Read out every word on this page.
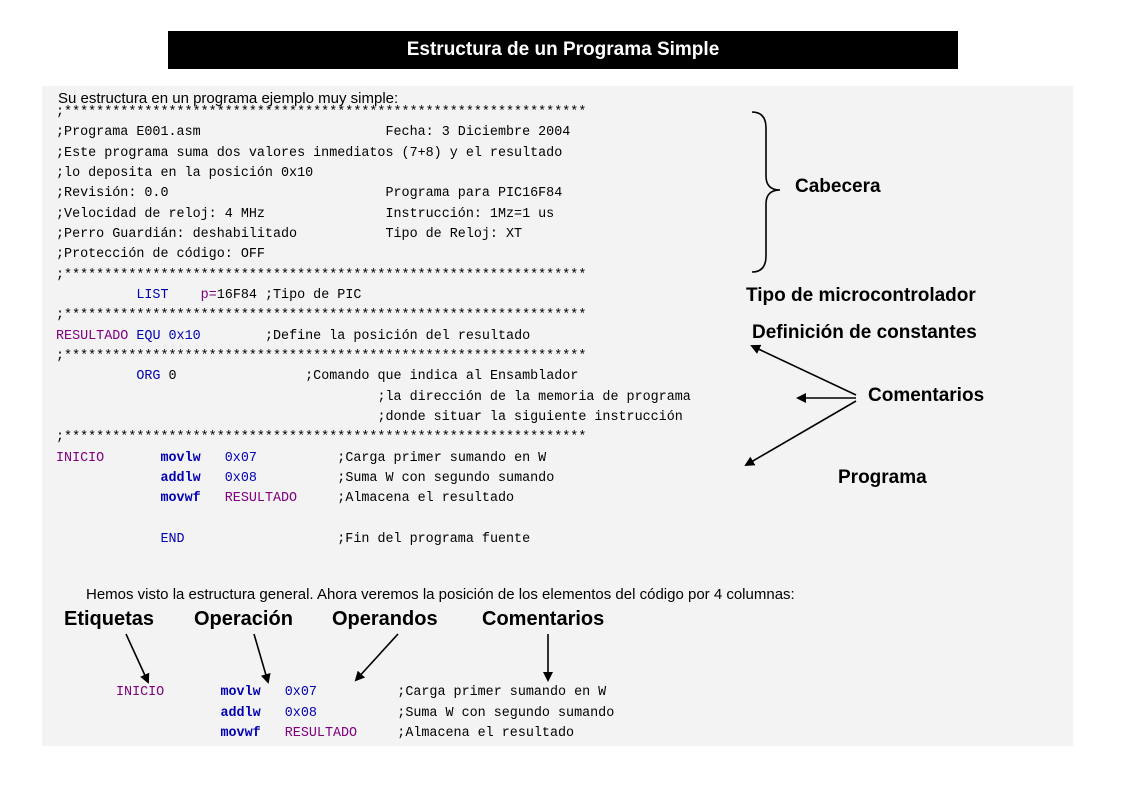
Estructura de un Programa Simple
Su estructura en un programa ejemplo muy simple:
;*****************************************************************
;Programa E001.asm                       Fecha: 3 Diciembre 2004
;Este programa suma dos valores inmediatos (7+8) y el resultado
;lo deposita en la posición 0x10
;Revisión: 0.0                           Programa para PIC16F84
;Velocidad de reloj: 4 MHz               Instrucción: 1Mz=1 us
;Perro Guardián: deshabilitado           Tipo de Reloj: XT
;Protección de código: OFF
;*****************************************************************
LIST p=16F84 ;Tipo de PIC
;*****************************************************************
RESULTADO EQU 0x10	;Define la posición del resultado
;*****************************************************************
ORG 0	;Comando que indica al Ensamblador
;la dirección de la memoria de programa
;donde situar la siguiente instrucción
;*****************************************************************
INICIO	movlw 0x07	;Carga primer sumando en W
addlw 0x08	;Suma W con segundo sumando
movwf RESULTADO	;Almacena el resultado

END	;Fin del programa fuente
Cabecera
Tipo de microcontrolador
Definición de constantes
Comentarios
Programa
Hemos visto la estructura general. Ahora veremos la posición de los elementos del código por 4 columnas:
Etiquetas Operación Operandos Comentarios
INICIO	movlw 0x07	;Carga primer sumando en W
addlw 0x08	;Suma W con segundo sumando
movwf RESULTADO	;Almacena el resultado
